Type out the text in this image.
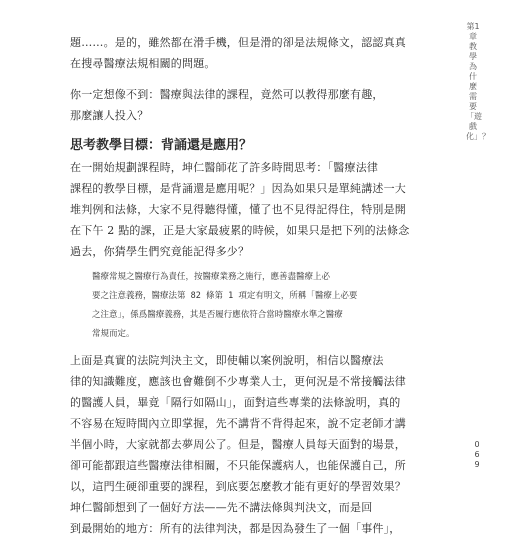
題……。是的，雖然都在滑手機，但是滑的卻是法規條文，認認真真
在搜尋醫療法規相關的問題。

你一定想像不到：醫療與法律的課程，竟然可以教得那麼有趣，
那麼讓人投入？

思考教學目標：背誦還是應用？

在一開始規劃課程時，坤仁醫師花了許多時間思考：「醫療法律
課程的教學目標，是背誦還是應用呢？」因為如果只是單純講述一大
堆判例和法條，大家不見得聽得懂，懂了也不見得記得住，特別是開
在下午 2 點的課，正是大家最疲累的時候，如果只是把下列的法條念
過去，你猜學生們究竟能記得多少？

醫療常規之醫療行為責任，按醫療業務之施行，應善盡醫療上必
要之注意義務，醫療法第 82 條第 1 項定有明文，所稱「醫療上必要
之注意」，係爲醫療義務，其是否履行應依符合當時醫療水準之醫療
常規而定。

上面是真實的法院判決主文，即使輔以案例說明，相信以醫療法
律的知識難度，應該也會難倒不少專業人士，更何況是不常接觸法律
的醫護人員，畢竟「隔行如隔山」，面對這些專業的法條說明，真的
不容易在短時間內立即掌握，先不講背不背得起來，說不定老師才講
半個小時，大家就都去夢周公了。但是，醫療人員每天面對的場景，
卻可能都跟這些醫療法律相關，不只能保護病人，也能保護自己，所
以，這門生硬卻重要的課程，到底要怎麼教才能有更好的學習效果？

坤仁醫師想到了一個好方法——先不講法條與判決文，而是回
到最開始的地方：所有的法律判決，都是因為發生了一個「事件」，

第1章 教學為什麼需要「遊戲化」？
069
